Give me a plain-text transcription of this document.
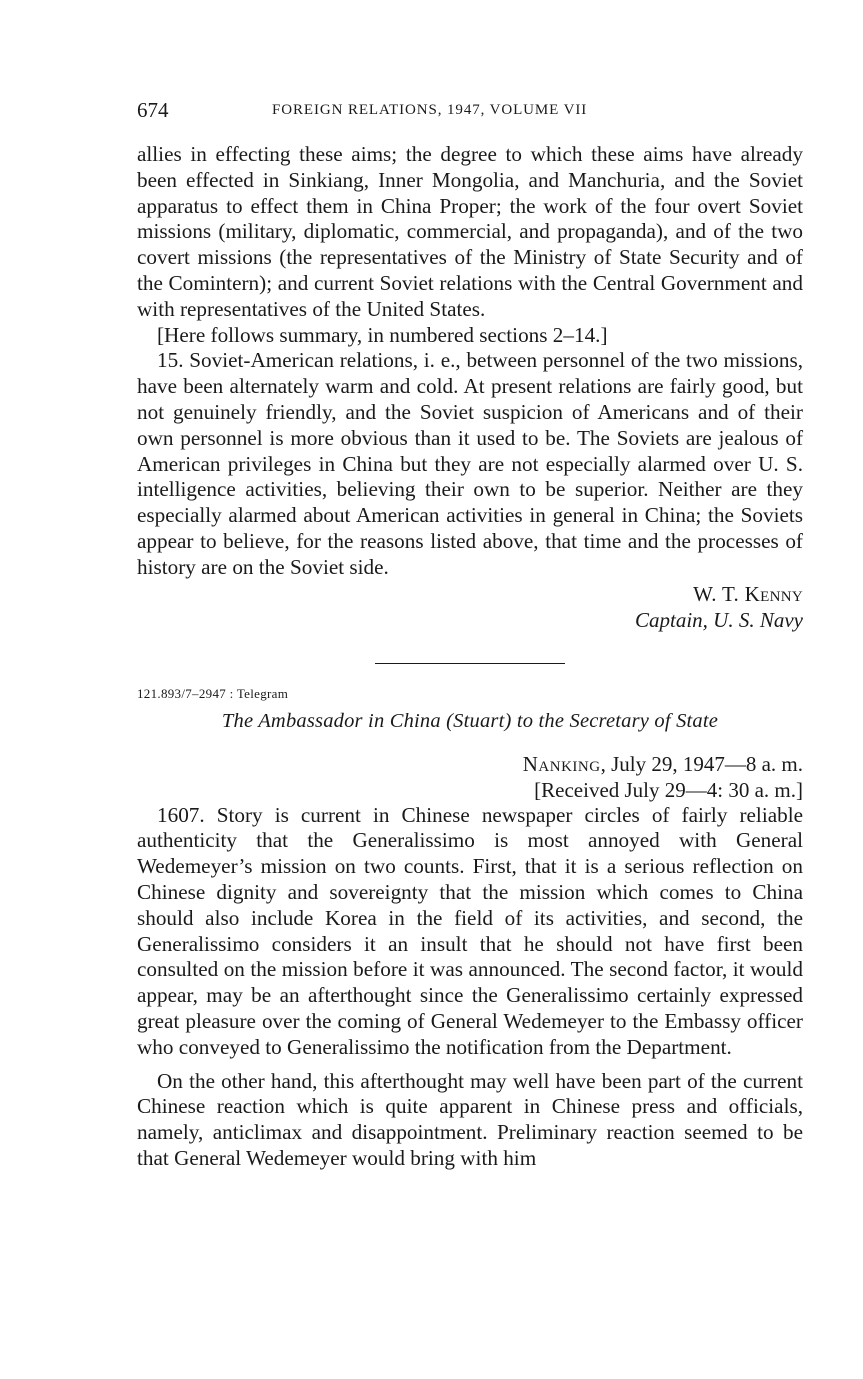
674	FOREIGN RELATIONS, 1947, VOLUME VII

allies in effecting these aims; the degree to which these aims have already been effected in Sinkiang, Inner Mongolia, and Manchuria, and the Soviet apparatus to effect them in China Proper; the work of the four overt Soviet missions (military, diplomatic, commercial, and propaganda), and of the two covert missions (the representatives of the Ministry of State Security and of the Comintern); and current Soviet relations with the Central Government and with representatives of the United States.

[Here follows summary, in numbered sections 2–14.]

15. Soviet-American relations, i. e., between personnel of the two missions, have been alternately warm and cold. At present relations are fairly good, but not genuinely friendly, and the Soviet suspicion of Americans and of their own personnel is more obvious than it used to be. The Soviets are jealous of American privileges in China but they are not especially alarmed over U. S. intelligence activities, believing their own to be superior. Neither are they especially alarmed about American activities in general in China; the Soviets appear to believe, for the reasons listed above, that time and the processes of history are on the Soviet side.

W. T. Kenny
Captain, U. S. Navy
121.893/7–2947 : Telegram
The Ambassador in China (Stuart) to the Secretary of State
Nanking, July 29, 1947—8 a. m.
[Received July 29—4: 30 a. m.]

1607. Story is current in Chinese newspaper circles of fairly reliable authenticity that the Generalissimo is most annoyed with General Wedemeyer’s mission on two counts. First, that it is a serious reflection on Chinese dignity and sovereignty that the mission which comes to China should also include Korea in the field of its activities, and second, the Generalissimo considers it an insult that he should not have first been consulted on the mission before it was announced. The second factor, it would appear, may be an afterthought since the Generalissimo certainly expressed great pleasure over the coming of General Wedemeyer to the Embassy officer who conveyed to Generalissimo the notification from the Department.

On the other hand, this afterthought may well have been part of the current Chinese reaction which is quite apparent in Chinese press and officials, namely, anticlimax and disappointment. Preliminary reaction seemed to be that General Wedemeyer would bring with him
